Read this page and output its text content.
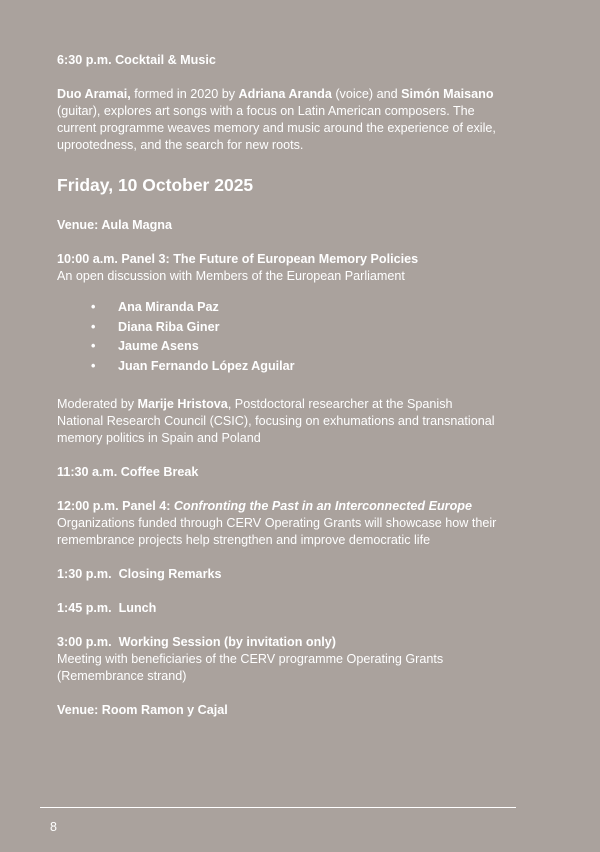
6:30 p.m. Cocktail & Music
Duo Aramai, formed in 2020 by Adriana Aranda (voice) and Simón Maisano (guitar), explores art songs with a focus on Latin American composers. The current programme weaves memory and music around the experience of exile, uprootedness, and the search for new roots.
Friday, 10 October 2025
Venue: Aula Magna
10:00 a.m. Panel 3: The Future of European Memory Policies
An open discussion with Members of the European Parliament
• Ana Miranda Paz
• Diana Riba Giner
• Jaume Asens
• Juan Fernando López Aguilar
Moderated by Marije Hristova, Postdoctoral researcher at the Spanish National Research Council (CSIC), focusing on exhumations and transnational memory politics in Spain and Poland
11:30 a.m. Coffee Break
12:00 p.m. Panel 4: Confronting the Past in an Interconnected Europe
Organizations funded through CERV Operating Grants will showcase how their remembrance projects help strengthen and improve democratic life
1:30 p.m.  Closing Remarks
1:45 p.m.  Lunch
3:00 p.m.  Working Session (by invitation only)
Meeting with beneficiaries of the CERV programme Operating Grants (Remembrance strand)
Venue: Room Ramon y Cajal
8
